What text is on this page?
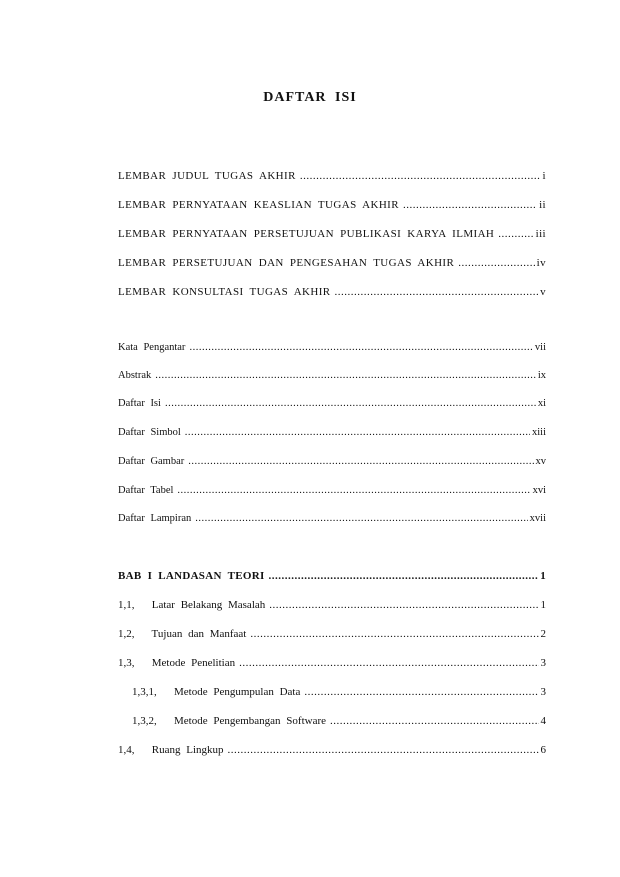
DAFTAR ISI
LEMBAR JUDUL TUGAS AKHIR .....	i
LEMBAR PERNYATAAN KEASLIAN TUGAS AKHIR .....	ii
LEMBAR PERNYATAAN PERSETUJUAN PUBLIKASI KARYA ILMIAH .....	iii
LEMBAR PERSETUJUAN DAN PENGESAHAN TUGAS AKHIR .....	iv
LEMBAR KONSULTASI TUGAS AKHIR .....	v
Kata Pengantar .....	vii
Abstrak .....	ix
Daftar Isi .....	xi
Daftar Simbol .....	xiii
Daftar Gambar .....	xv
Daftar Tabel .....	xvi
Daftar Lampiran .....	xvii
BAB I LANDASAN TEORI .....	1
1,1,   Latar Belakang Masalah .....	1
1,2,   Tujuan dan Manfaat .....	2
1,3,   Metode Penelitian .....	3
1,3,1,   Metode Pengumpulan Data .....	3
1,3,2,   Metode Pengembangan Software .....	4
1,4,   Ruang Lingkup .....	6
